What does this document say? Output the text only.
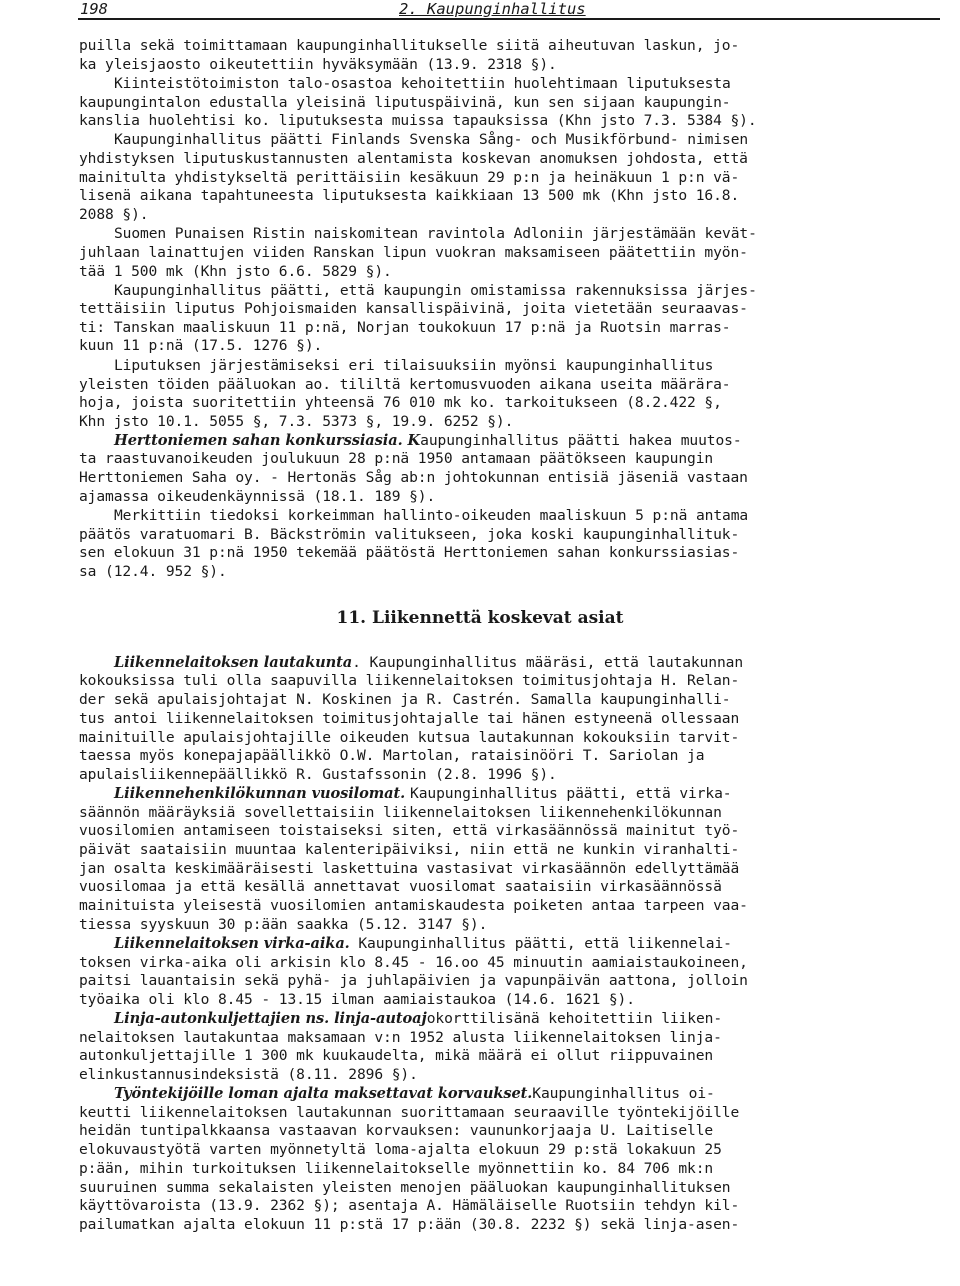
198	2. Kaupunginhallitus
puilla sekä toimittamaan kaupunginhallitukselle siitä aiheutuvan laskun, jo-
ka yleisjaosto oikeutettiin hyväksymään (13.9. 2318 §).
Kiinteistötoimiston talo-osastoa kehoitettiin huolehtimaan liputuksesta
kaupungintalon edustalla yleisinä liputuspäivinä, kun sen sijaan kaupungin-
kanslia huolehtisi ko. liputuksesta muissa tapauksissa (Khn jsto 7.3. 5384 §).
Kaupunginhallitus päätti Finlands Svenska Sång- och Musikförbund- nimisen
yhdistyksen liputuskustannusten alentamista koskevan anomuksen johdosta, että
mainitulta yhdistykseltä perittäisiin kesäkuun 29 p:n ja heinäkuun 1 p:n vä-
lisenä aikana tapahtuneesta liputuksesta kaikkiaan 13 500 mk (Khn jsto 16.8.
2088 §).
Suomen Punaisen Ristin naiskomitean ravintola Adloniin järjestämään kevät-
juhlaan lainattujen viiden Ranskan lipun vuokran maksamiseen päätettiin myön-
tää 1 500 mk (Khn jsto 6.6. 5829 §).
Kaupunginhallitus päätti, että kaupungin omistamissa rakennuksissa järjes-
tettäisiin liputus Pohjoismaiden kansallispäivinä, joita vietetään seuraavas-
ti: Tanskan maaliskuun 11 p:nä, Norjan toukokuun 17 p:nä ja Ruotsin marras-
kuun 11 p:nä (17.5. 1276 §).
Liputuksen järjestämiseksi eri tilaisuuksiin myönsi kaupunginhallitus
yleisten töiden pääluokan ao. tililtä kertomusvuoden aikana useita määrära-
hoja, joista suoritettiin yhteensä 76 010 mk ko. tarkoitukseen (8.2.422 §,
Khn jsto 10.1. 5055 §, 7.3. 5373 §, 19.9. 6252 §).
Herttoniemen sahan konkurssiasia. Kaupunginhallitus päätti hakea muutos-
ta raastuvanoikeuden joulukuun 28 p:nä 1950 antamaan päätökseen kaupungin
Herttoniemen Saha oy. - Hertonäs Såg ab:n johtokunnan entisiä jäseniä vastaan
ajamassa oikeudenkäynnissä (18.1. 189 §).
Merkittiin tiedoksi korkeimman hallinto-oikeuden maaliskuun 5 p:nä antama
päätös varatuomari B. Bäckströmin valitukseen, joka koski kaupunginhallituk-
sen elokuun 31 p:nä 1950 tekemää päätöstä Herttoniemen sahan konkurssiasias-
sa (12.4. 952 §).
Liikennelaitoksen lautakunta. Kaupunginhallitus määräsi, että lautakunnan
kokouksissa tuli olla saapuvilla liikennelaitoksen toimitusjohtaja H. Relan-
der sekä apulaisjohtajat N. Koskinen ja R. Castrén. Samalla kaupunginhalli-
tus antoi liikennelaitoksen toimitusjohtajalle tai hänen estyneenä ollessaan
mainituille apulaisjohtajille oikeuden kutsua lautakunnan kokouksiin tarvit-
taessa myös konepajapäällikkö O.W. Martolan, rataisinööri T. Sariolan ja
apulaisliikennepäällikkö R. Gustafssonin (2.8. 1996 §).
Liikennehenkilökunnan vuosilomat. Kaupunginhallitus päätti, että virka-
säännön määräyksiä sovellettaisiin liikennelaitoksen liikennehenkilökunnan
vuosilomien antamiseen toistaiseksi siten, että virkasäännössä mainitut työ-
päivät saataisiin muuntaa kalenteripäiviksi, niin että ne kunkin viranhalti-
jan osalta keskimääräisesti laskettuina vastasivat virkasäännön edellyttämää
vuosilomaa ja että kesällä annettavat vuosilomat saataisiin virkasäännössä
mainituista yleisestä vuosilomien antamiskaudesta poiketen antaa tarpeen vaa-
tiessa syyskuun 30 p:ään saakka (5.12. 3147 §).
Liikennelaitoksen virka-aika. Kaupunginhallitus päätti, että liikennelai-
toksen virka-aika oli arkisin klo 8.45 - 16.oo 45 minuutin aamiaistaukoineen,
paitsi lauantaisin sekä pyhä- ja juhlapäivien ja vapunpäivän aattona, jolloin
työaika oli klo 8.45 - 13.15 ilman aamiaistaukoa (14.6. 1621 §).
Linja-autonkuljettajien ns. linja-autoajokorttilisänä kehoitettiin liiken-
nelaitoksen lautakuntaa maksamaan v:n 1952 alusta liikennelaitoksen linja-
autonkuljettajille 1 300 mk kuukaudelta, mikä määrä ei ollut riippuvainen
elinkustannusindeksistä (8.11. 2896 §).
Työntekijöille loman ajalta maksettavat korvaukset.Kaupunginhallitus oi-
keutti liikennelaitoksen lautakunnan suorittamaan seuraaville työntekijöille
heidän tuntipalkkaansa vastaavan korvauksen: vaununkorjaaja U. Laitiselle
elokuvaustyötä varten myönnetyltä loma-ajalta elokuun 29 p:stä lokakuun 25
p:ään, mihin turkoituksen liikennelaitokselle myönnettiin ko. 84 706 mk:n
suuruinen summa sekalaisten yleisten menojen pääluokan kaupunginhallituksen
käyttövaroista (13.9. 2362 §); asentaja A. Hämäläiselle Ruotsiin tehdyn kil-
pailumatkan ajalta elokuun 11 p:stä 17 p:ään (30.8. 2232 §) sekä linja-asen-
11. Liikennettä koskevat asiat
